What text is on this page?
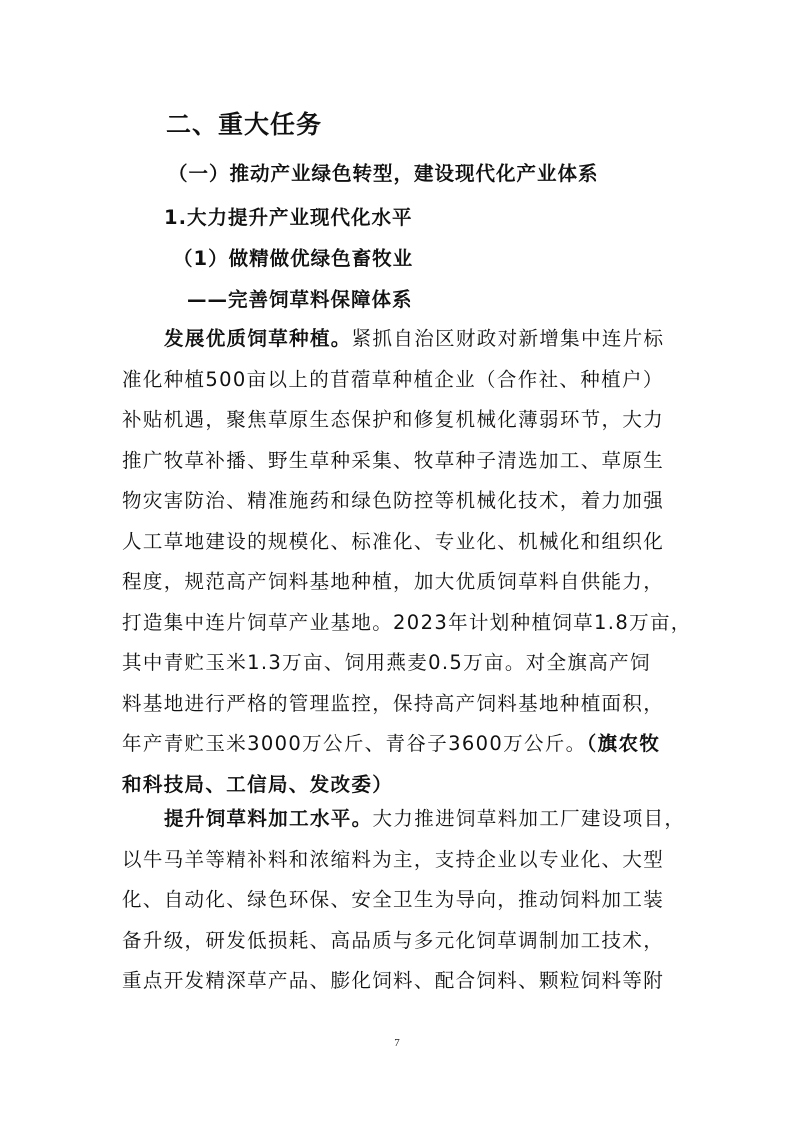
二、重大任务
（一）推动产业绿色转型，建设现代化产业体系
1.大力提升产业现代化水平
（1）做精做优绿色畜牧业
——完善饲草料保障体系
发展优质饲草种植。紧抓自治区财政对新增集中连片标
准化种植500亩以上的苜蓿草种植企业（合作社、种植户）
补贴机遇，聚焦草原生态保护和修复机械化薄弱环节，大力
推广牧草补播、野生草种采集、牧草种子清选加工、草原生
物灾害防治、精准施药和绿色防控等机械化技术，着力加强
人工草地建设的规模化、标准化、专业化、机械化和组织化
程度，规范高产饲料基地种植，加大优质饲草料自供能力，
打造集中连片饲草产业基地。2023年计划种植饲草1.8万亩，
其中青贮玉米1.3万亩、饲用燕麦0.5万亩。对全旗高产饲
料基地进行严格的管理监控，保持高产饲料基地种植面积，
年产青贮玉米3000万公斤、青谷子3600万公斤。（旗农牧
和科技局、工信局、发改委）
提升饲草料加工水平。大力推进饲草料加工厂建设项目，
以牛马羊等精补料和浓缩料为主，支持企业以专业化、大型
化、自动化、绿色环保、安全卫生为导向，推动饲料加工装
备升级，研发低损耗、高品质与多元化饲草调制加工技术，
重点开发精深草产品、膨化饲料、配合饲料、颗粒饲料等附
7
